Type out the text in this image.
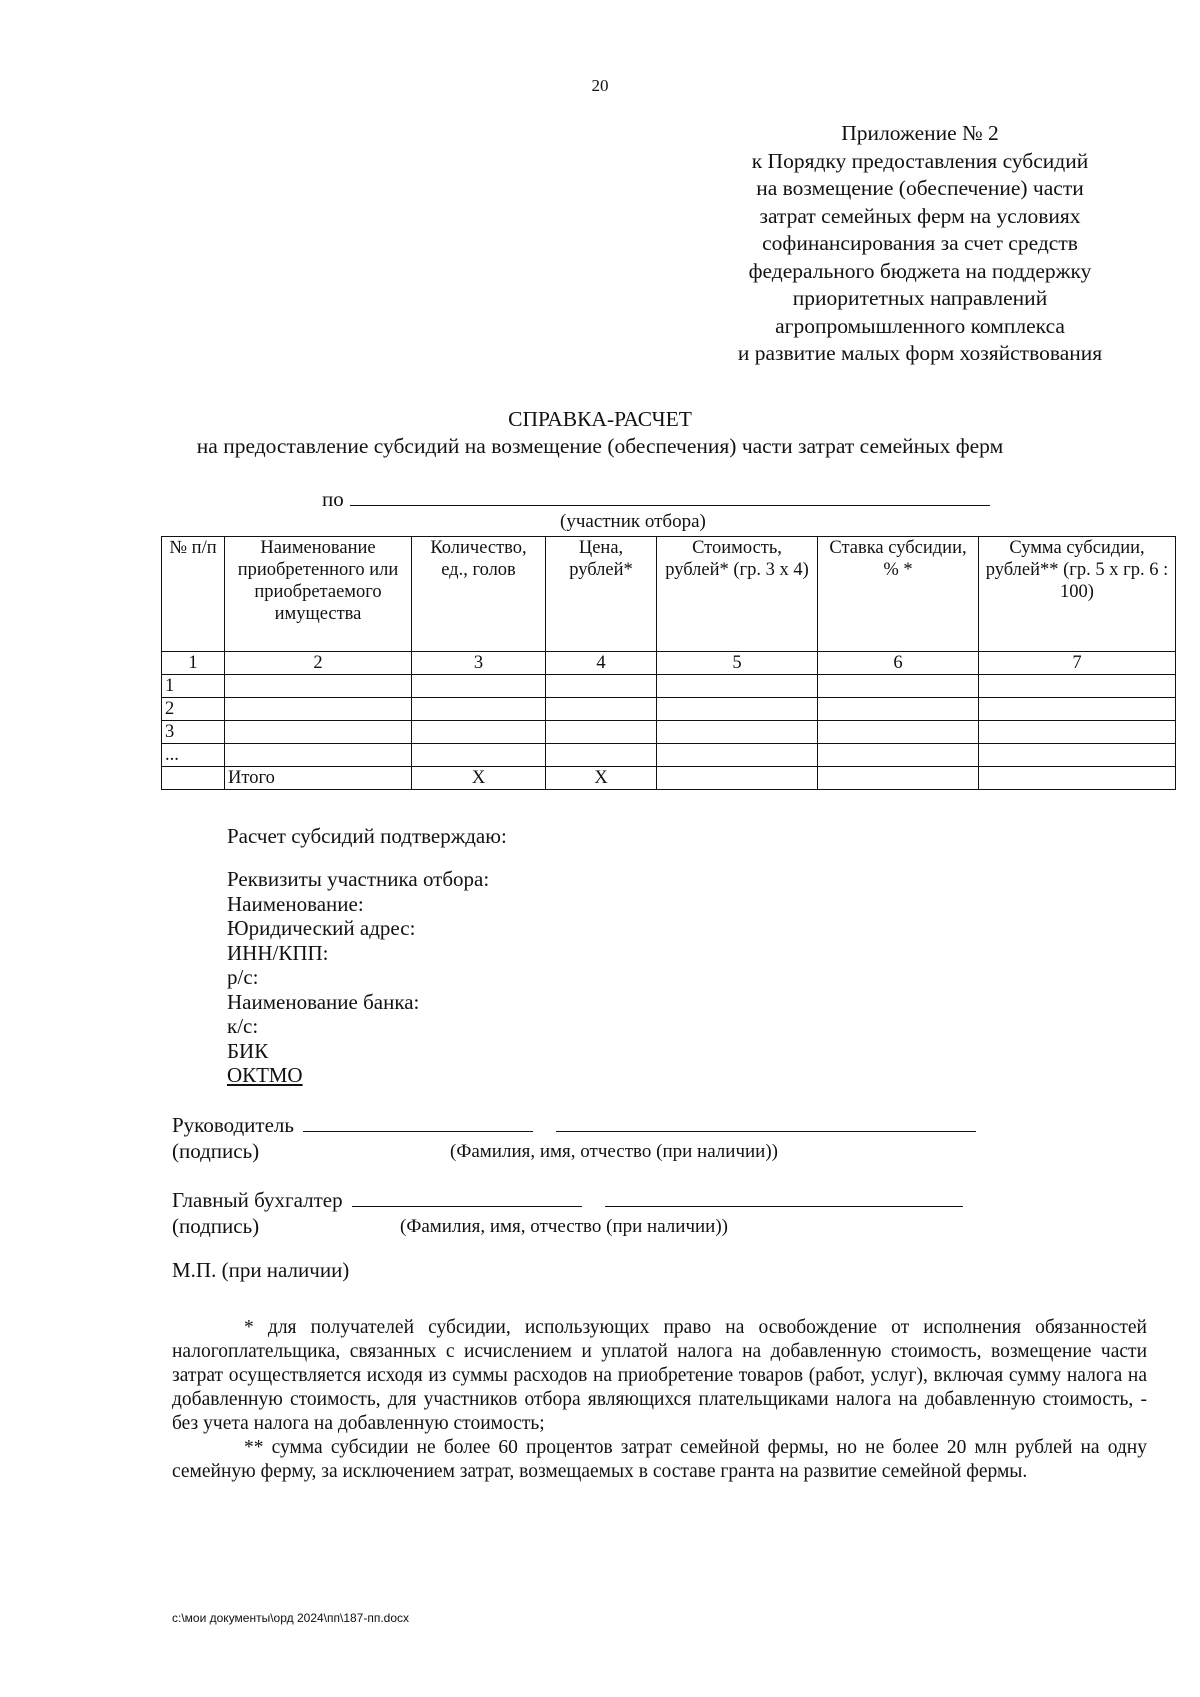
20
Приложение № 2
к Порядку предоставления субсидий
на возмещение (обеспечение) части
затрат семейных ферм на условиях
софинансирования за счет средств
федерального бюджета на поддержку
приоритетных направлений
агропромышленного комплекса
и развитие малых форм хозяйствования
СПРАВКА-РАСЧЕТ
на предоставление субсидий на возмещение (обеспечения) части затрат семейных ферм
по
(участник отбора)
№ п/п	Наименование приобретенного или приобретаемого имущества	Количество, ед., голов	Цена, рублей*	Стоимость, рублей* (гр. 3 х 4)	Ставка субсидии, % *	Сумма субсидии, рублей** (гр. 5 х гр. 6 : 100)
1	2	3	4	5	6	7
1						
2						
3						
...						
	Итого	X	X			
Расчет субсидий подтверждаю:
Реквизиты участника отбора:
Наименование:
Юридический адрес:
ИНН/КПП:
р/с:
Наименование банка:
к/с:
БИК
ОКТМО
Руководитель
(подпись)	(Фамилия, имя, отчество (при наличии))
Главный бухгалтер
(подпись)	(Фамилия, имя, отчество (при наличии))
М.П. (при наличии)

* для получателей субсидии, использующих право на освобождение от исполнения обязанностей налогоплательщика, связанных с исчислением и уплатой налога на добавленную стоимость, возмещение части затрат осуществляется исходя из суммы расходов на приобретение товаров (работ, услуг), включая сумму налога на добавленную стоимость, для участников отбора являющихся плательщиками налога на добавленную стоимость, - без учета налога на добавленную стоимость;

** сумма субсидии не более 60 процентов затрат семейной фермы, но не более 20 млн рублей на одну семейную ферму, за исключением затрат, возмещаемых в составе гранта на развитие семейной фермы.

c:\мои документы\орд 2024\пп\187-пп.docx
